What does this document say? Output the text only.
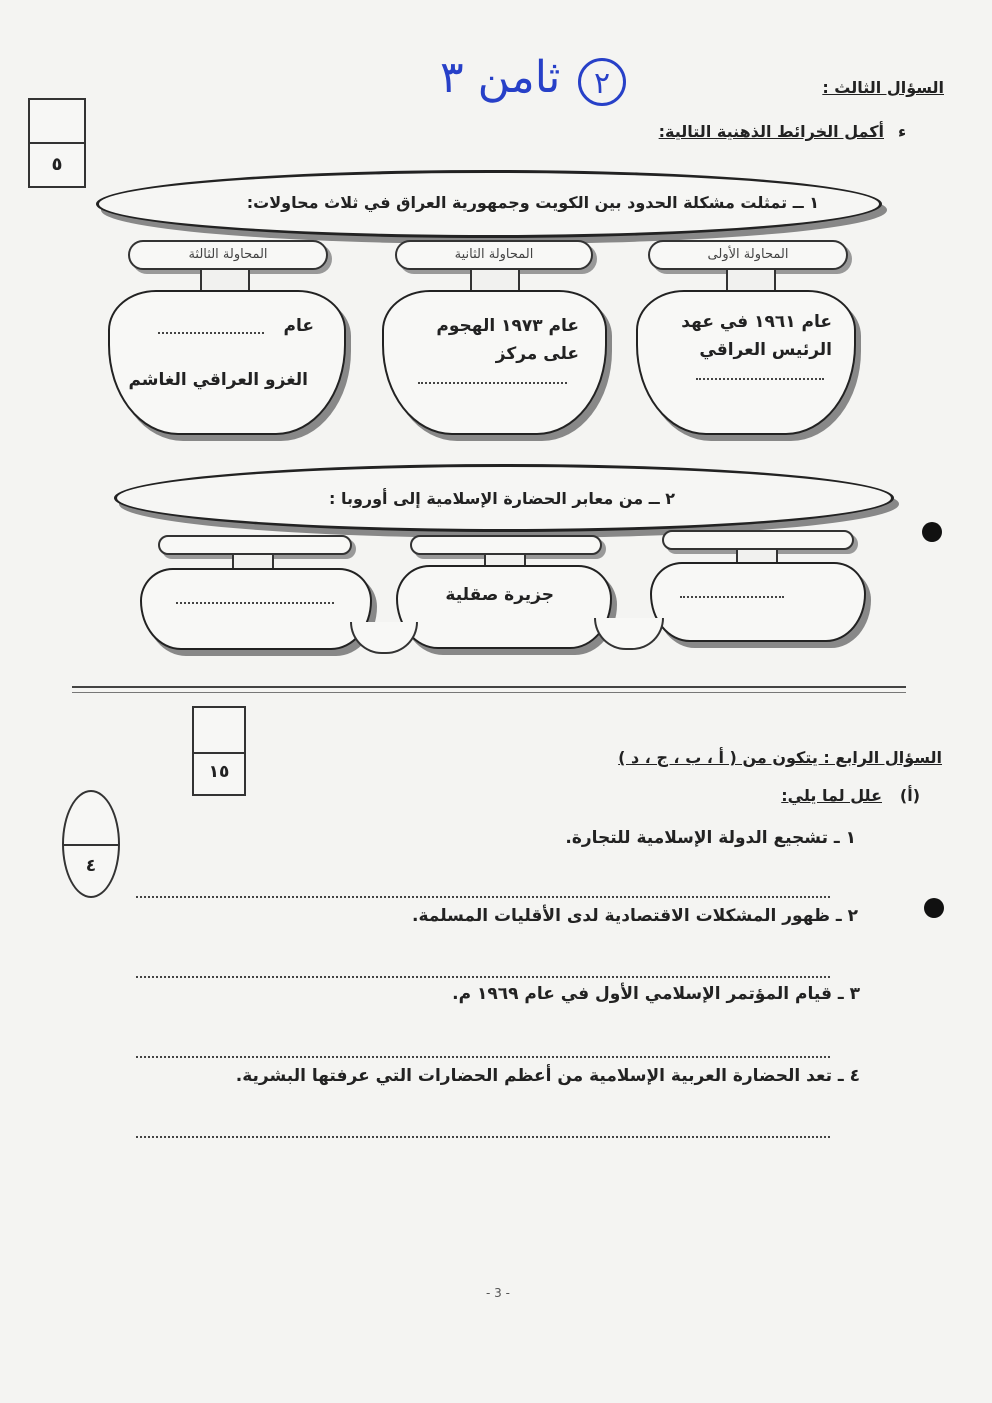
٢
ثامن ٣	السؤال الثالث :
ء
أكمل الخرائط الذهنية التالية:
٥
١ ــ تمثلت مشكلة الحدود بين الكويت وجمهورية العراق في ثلاث محاولات:
المحاولة الأولى
المحاولة الثانية
المحاولة الثالثة
عام ١٩٦١ في عهد
الرئيس العراقي
عام ١٩٧٣ الهجوم
على مركز
عام
الغزو العراقي الغاشم
٢ ــ من معابر الحضارة الإسلامية إلى أوروبا :
جزيرة صقلية
١٥
السؤال الرابع : يتكون من ( أ ، ب ، ج ، د )
(أ)
علل لما يلي:
٤
١ ـ تشجيع الدولة الإسلامية للتجارة.
٢ ـ ظهور المشكلات الاقتصادية لدى الأقليات المسلمة.
٣ ـ قيام المؤتمر الإسلامي الأول في عام ١٩٦٩ م.
٤ ـ تعد الحضارة العربية الإسلامية من أعظم الحضارات التي عرفتها البشرية.
- 3 -
